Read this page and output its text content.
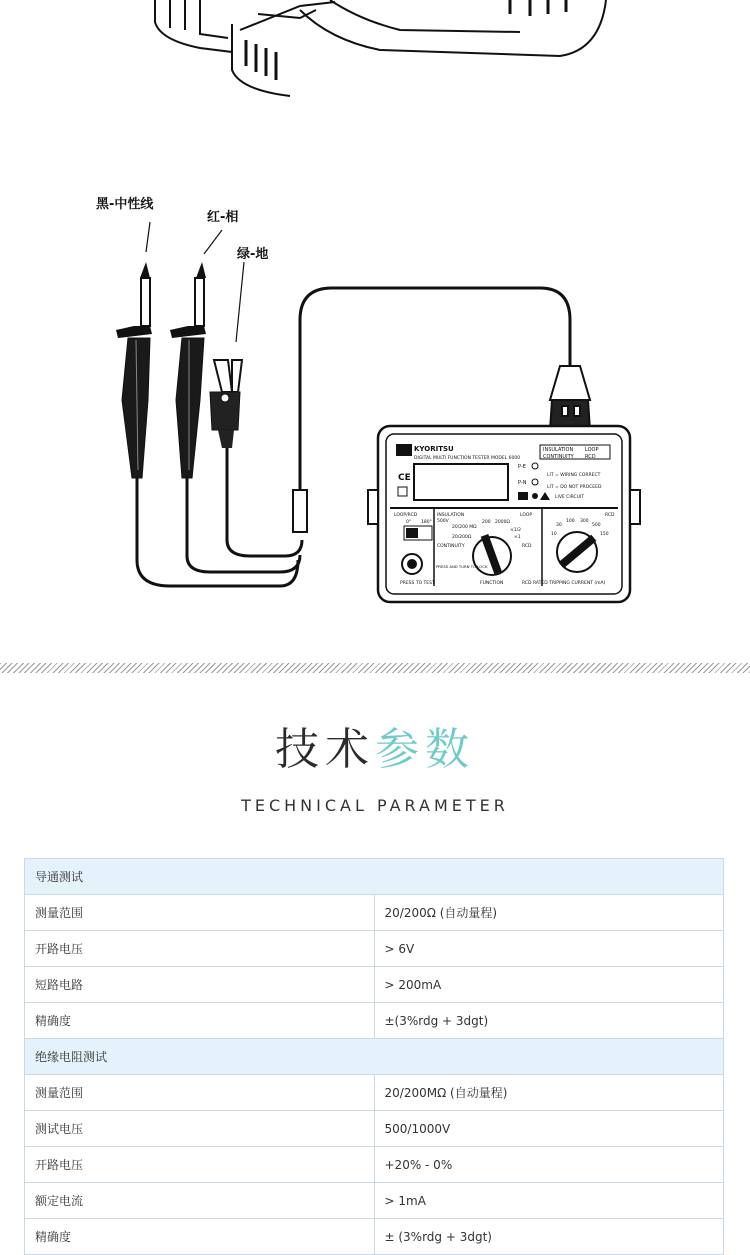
KYORITSU
DIGITAL MULTI FUNCTION TESTER MODEL 6000
INSULATION LOOP
CONTINUITY RCD
CE
P-E
P-N
LIT = WIRING CORRECT
LIT = DO NOT PROCEED
LIVE CIRCUIT
LOOP/RCD
0° 180°
INSULATION
500V
20/200 MΩ
20/200Ω
CONTINUITY
200 2000Ω
LOOP
×1/2
×1
RCD
RCD
10
30
100 300
500
150
PRESS AND TURN TO LOCK
PRESS TO TEST	FUNCTION	RCD RATED TRIPPING CURRENT (mA)
黑-中性线
红-相
绿-地
技术参数
TECHNICAL PARAMETER
导通测试	
测量范围	20/200Ω (自动量程)
开路电压	> 6V
短路电路	> 200mA
精确度	±(3%rdg + 3dgt)
绝缘电阻测试	
测量范围	20/200MΩ (自动量程)
测试电压	500/1000V
开路电压	+20% - 0%
额定电流	> 1mA
精确度	± (3%rdg + 3dgt)
